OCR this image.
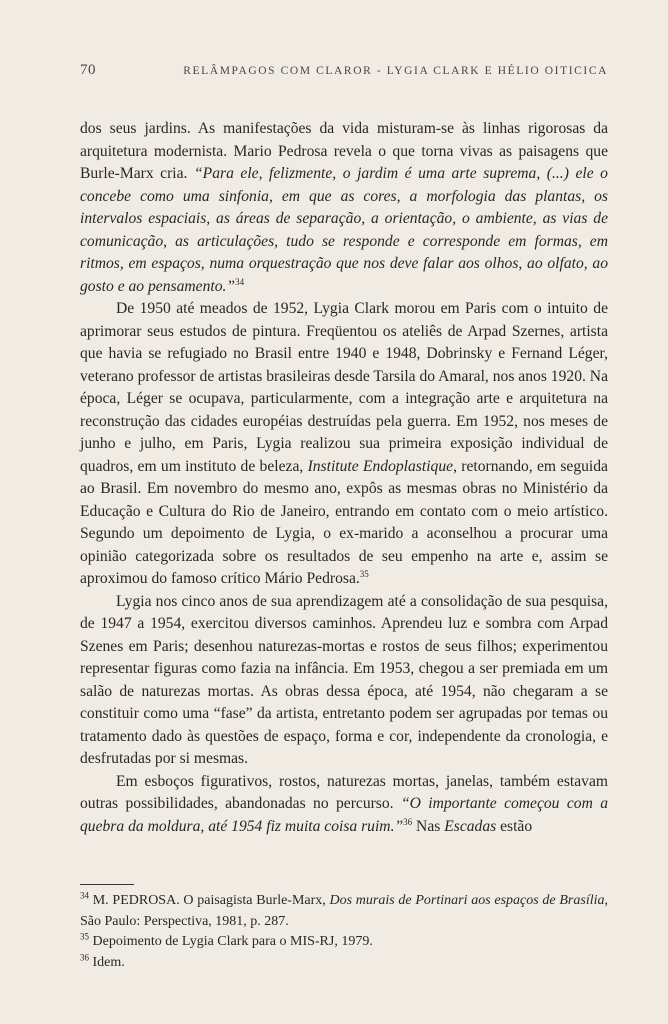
70	RELÂMPAGOS COM CLAROR - LYGIA CLARK E HÉLIO OITICICA

dos seus jardins. As manifestações da vida misturam-se às linhas rigorosas da arquitetura modernista. Mario Pedrosa revela o que torna vivas as paisagens que Burle-Marx cria. “Para ele, felizmente, o jardim é uma arte suprema, (...) ele o concebe como uma sinfonia, em que as cores, a morfologia das plantas, os intervalos espaciais, as áreas de separação, a orientação, o ambiente, as vias de comunicação, as articulações, tudo se responde e corresponde em formas, em ritmos, em espaços, numa orquestração que nos deve falar aos olhos, ao olfato, ao gosto e ao pensamento.”$^{34}$

De 1950 até meados de 1952, Lygia Clark morou em Paris com o intuito de aprimorar seus estudos de pintura. Freqüentou os ateliês de Arpad Szernes, artista que havia se refugiado no Brasil entre 1940 e 1948, Dobrinsky e Fernand Léger, veterano professor de artistas brasileiras desde Tarsila do Amaral, nos anos 1920. Na época, Léger se ocupava, particularmente, com a integração arte e arquitetura na reconstrução das cidades européias destruídas pela guerra. Em 1952, nos meses de junho e julho, em Paris, Lygia realizou sua primeira exposição individual de quadros, em um instituto de beleza, Institute Endoplastique, retornando, em seguida ao Brasil. Em novembro do mesmo ano, expôs as mesmas obras no Ministério da Educação e Cultura do Rio de Janeiro, entrando em contato com o meio artístico. Segundo um depoimento de Lygia, o ex-marido a aconselhou a procurar uma opinião categorizada sobre os resultados de seu empenho na arte e, assim se aproximou do famoso crítico Mário Pedrosa.$^{35}$

Lygia nos cinco anos de sua aprendizagem até a consolidação de sua pesquisa, de 1947 a 1954, exercitou diversos caminhos. Aprendeu luz e sombra com Arpad Szenes em Paris; desenhou naturezas-mortas e rostos de seus filhos; experimentou representar figuras como fazia na infância. Em 1953, chegou a ser premiada em um salão de naturezas mortas. As obras dessa época, até 1954, não chegaram a se constituir como uma “fase” da artista, entretanto podem ser agrupadas por temas ou tratamento dado às questões de espaço, forma e cor, independente da cronologia, e desfrutadas por si mesmas.

Em esboços figurativos, rostos, naturezas mortas, janelas, também estavam outras possibilidades, abandonadas no percurso. “O importante começou com a quebra da moldura, até 1954 fiz muita coisa ruim.”$^{36}$ Nas Escadas estão

$^{34}$ M. PEDROSA. O paisagista Burle-Marx, Dos murais de Portinari aos espaços de Brasília, São Paulo: Perspectiva, 1981, p. 287.

$^{35}$ Depoimento de Lygia Clark para o MIS-RJ, 1979.

$^{36}$ Idem.
